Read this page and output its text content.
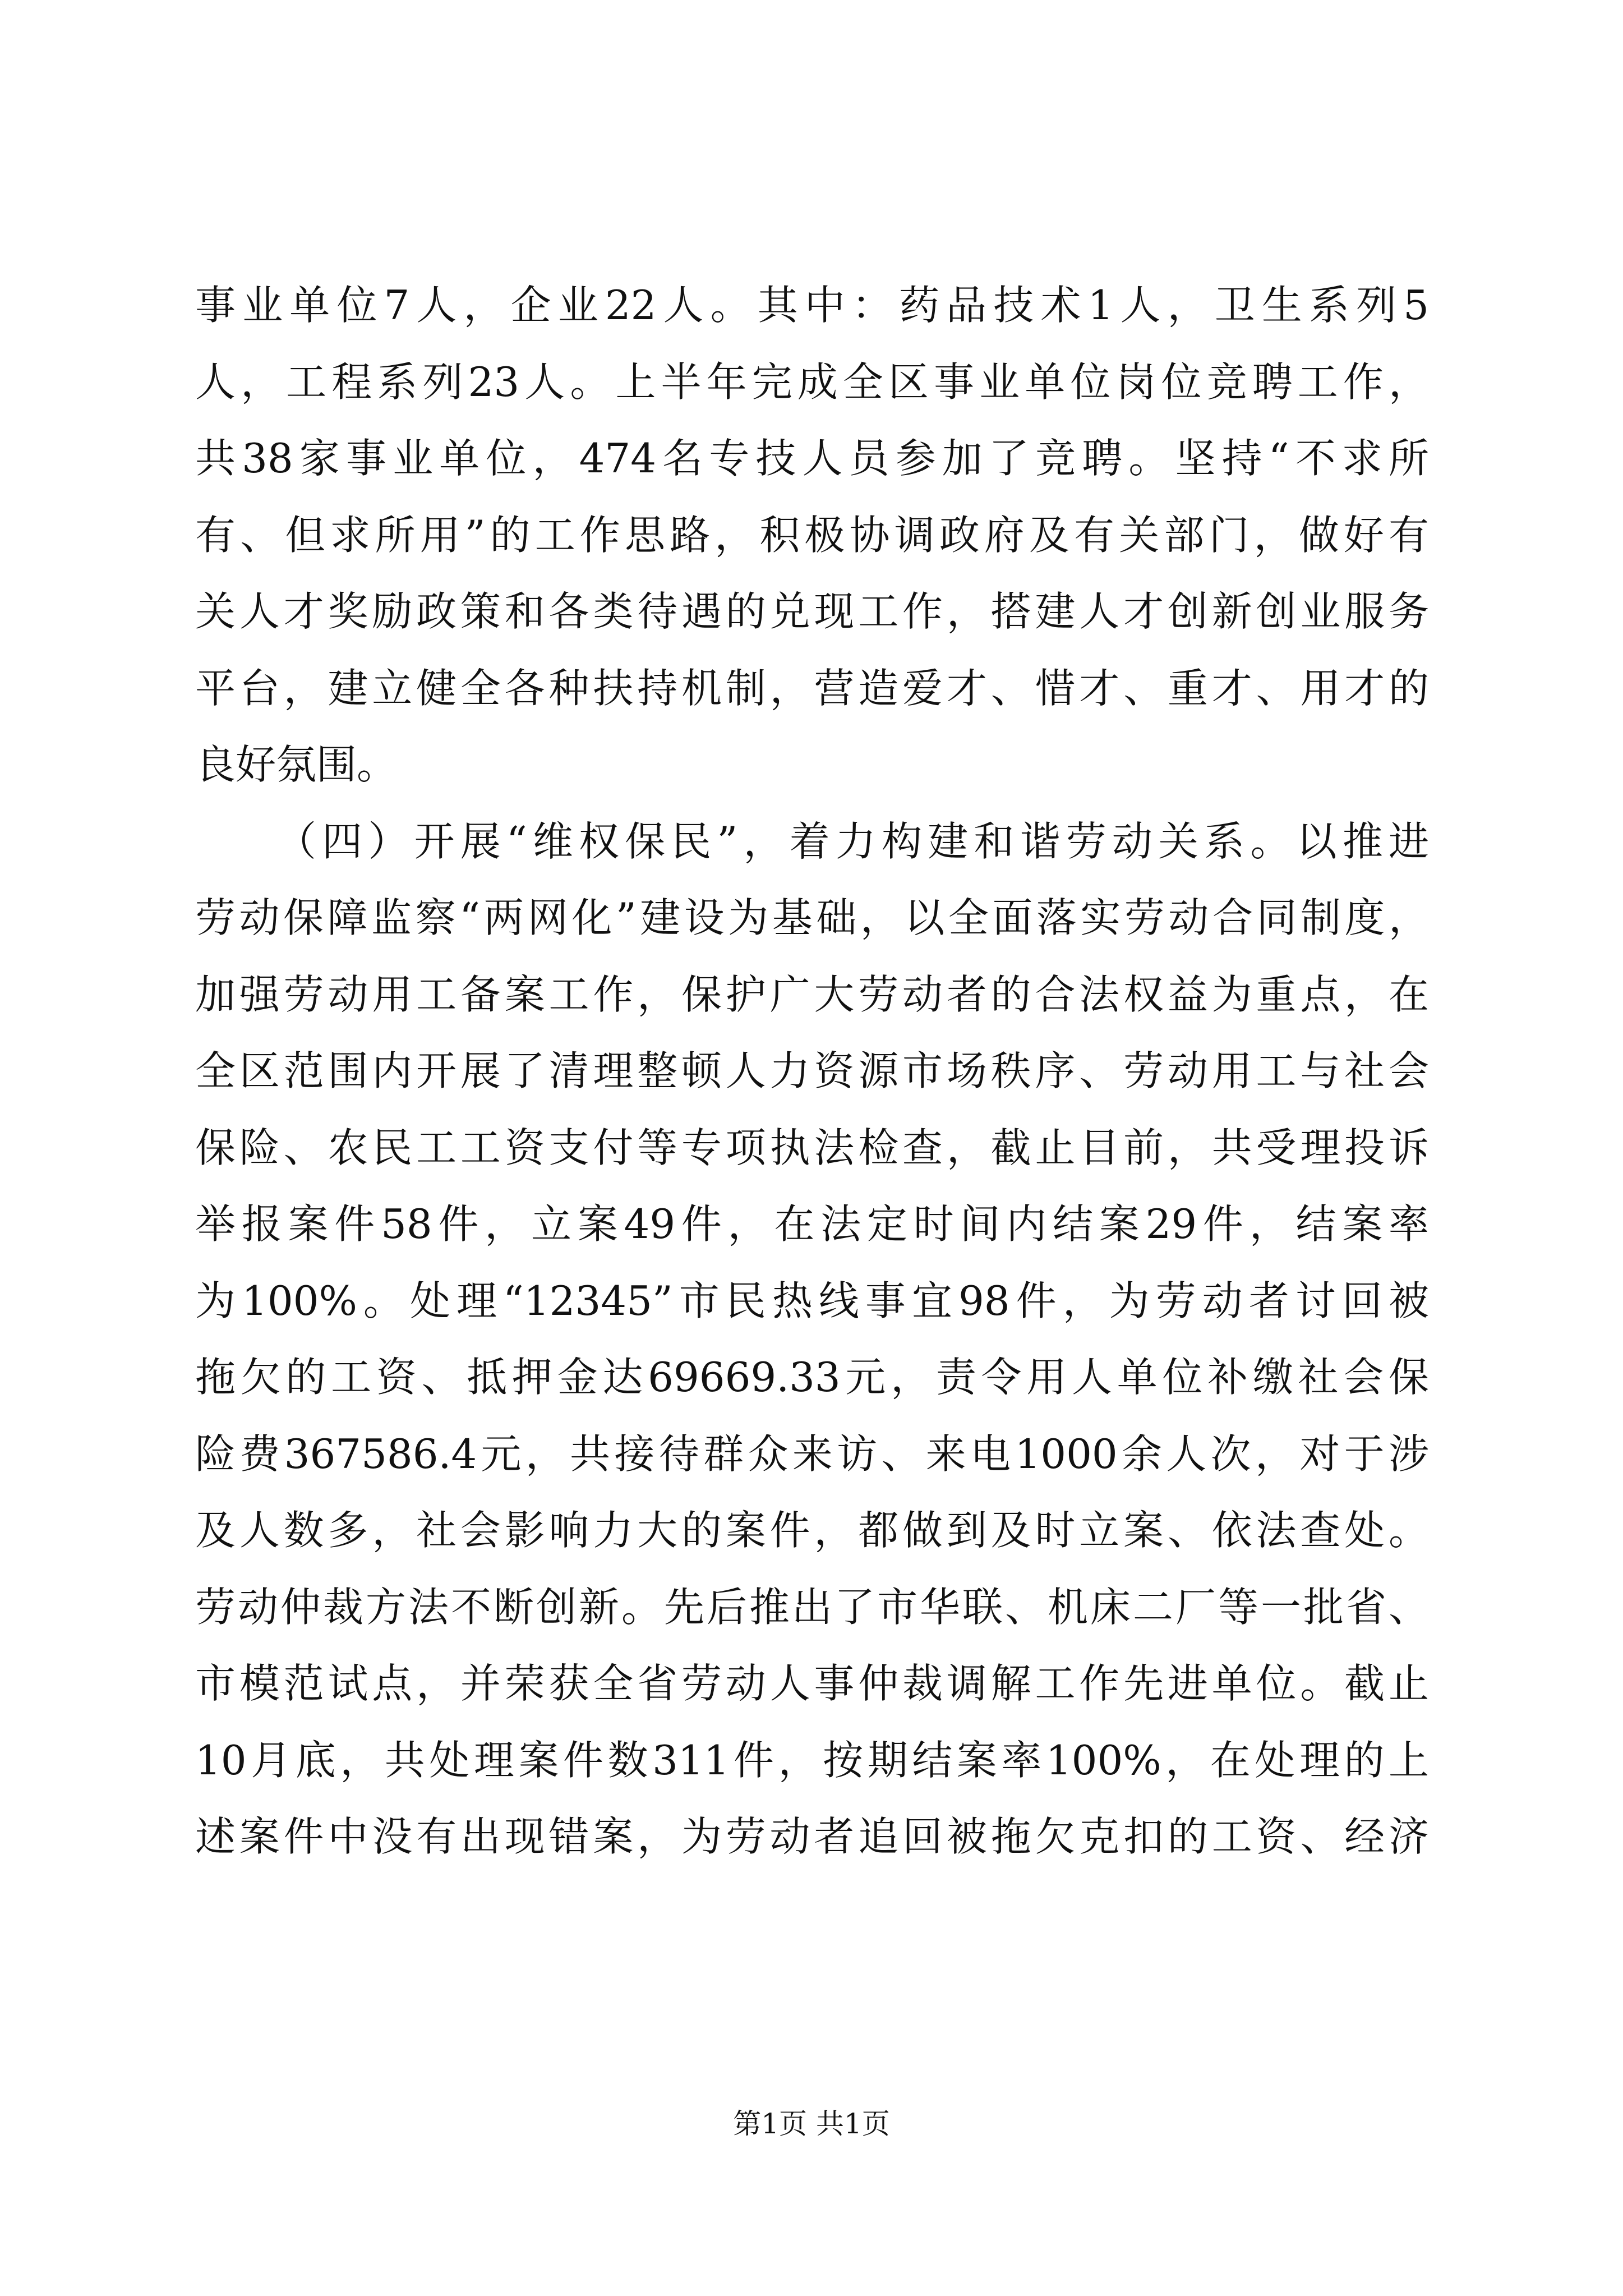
事业单位7人，企业22人。其中：药品技术1人，卫生系列5
人，工程系列23人。上半年完成全区事业单位岗位竞聘工作，
共38家事业单位，474名专技人员参加了竞聘。坚持“不求所
有、但求所用”的工作思路，积极协调政府及有关部门，做好有
关人才奖励政策和各类待遇的兑现工作，搭建人才创新创业服务
平台，建立健全各种扶持机制，营造爱才、惜才、重才、用才的
良好氛围。
（四）开展“维权保民”，着力构建和谐劳动关系。以推进
劳动保障监察“两网化”建设为基础，以全面落实劳动合同制度，
加强劳动用工备案工作，保护广大劳动者的合法权益为重点，在
全区范围内开展了清理整顿人力资源市场秩序、劳动用工与社会
保险、农民工工资支付等专项执法检查，截止目前，共受理投诉
举报案件58件，立案49件，在法定时间内结案29件，结案率
为100%。处理“12345”市民热线事宜98件，为劳动者讨回被
拖欠的工资、抵押金达69669.33元，责令用人单位补缴社会保
险费367586.4元，共接待群众来访、来电1000余人次，对于涉
及人数多，社会影响力大的案件，都做到及时立案、依法查处。
劳动仲裁方法不断创新。先后推出了市华联、机床二厂等一批省、
市模范试点，并荣获全省劳动人事仲裁调解工作先进单位。截止
10月底，共处理案件数311件，按期结案率100%，在处理的上
述案件中没有出现错案，为劳动者追回被拖欠克扣的工资、经济
第1页 共1页
